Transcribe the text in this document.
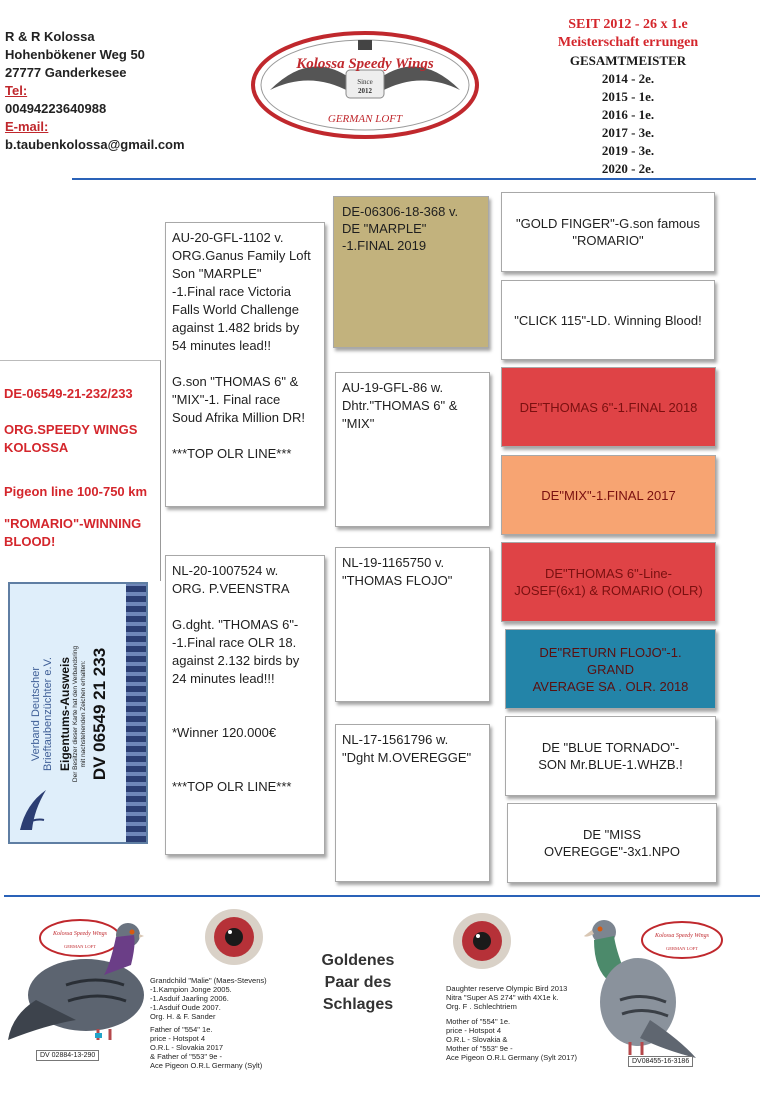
R & R Kolossa
Hohenbökener Weg 50
27777 Ganderkesee
Tel:
00494223640988
E-mail:
b.taubenkolossa@gmail.com
Kolossa Speedy Wings
Since
2012
GERMAN LOFT
SEIT 2012 - 26 x 1.e
Meisterschaft errungen
GESAMTMEISTER
2014 - 2e.
2015 - 1e.
2016 - 1e.
2017 - 3e.
2019 - 3e.
2020 - 2e.
DE-06549-21-232/233
ORG.SPEEDY WINGS
KOLOSSA
Pigeon line 100-750 km
"ROMARIO"-WINNING
BLOOD!
Verband Deutscher Brieftaubenzüchter e.V. Eigentums-Ausweis
Der Besitzer dieser Karte hat den Verbandsring
mit nachstehenden Zeichen erhalten: DV 06549 21 233
AU-20-GFL-1102 v.
ORG.Ganus Family Loft
Son "MARPLE"
-1.Final race Victoria
Falls World Challenge
against 1.482 brids by
54 minutes lead!!

G.son "THOMAS 6" &
"MIX"-1. Final race
Soud Afrika Million DR!

***TOP OLR LINE***
NL-20-1007524 w.
ORG. P.VEENSTRA

G.dght. "THOMAS 6"-
-1.Final race OLR 18.
against 2.132 birds by
24 minutes lead!!!

*Winner 120.000€

***TOP OLR LINE***
DE-06306-18-368 v.
DE "MARPLE"
-1.FINAL 2019
AU-19-GFL-86 w.
Dhtr."THOMAS 6" &
"MIX"
NL-19-1165750 v.
"THOMAS FLOJO"
NL-17-1561796 w.
"Dght M.OVEREGGE"
"GOLD FINGER"-G.son famous
"ROMARIO"
"CLICK 115"-LD. Winning Blood!
DE"THOMAS 6"-1.FINAL 2018
DE"MIX"-1.FINAL 2017
DE"THOMAS 6"-Line-
JOSEF(6x1) & ROMARIO (OLR)
DE"RETURN FLOJO"-1. GRAND
AVERAGE SA . OLR. 2018
DE "BLUE TORNADO"-
SON Mr.BLUE-1.WHZB.!
DE "MISS OVEREGGE"-3x1.NPO
Kolossa Speedy Wings
GERMAN LOFT
Grandchild "Malie" (Maes-Stevens)
-1.Kampion Jonge 2005.
-1.Asduif Jaarling 2006.
-1.Asduif Oude 2007.
Org. H. & F. Sander
Father of "554" 1e.
price - Hotspot 4
O.R.L - Slovakia 2017
& Father of "553" 9e -
Ace Pigeon O.R.L Germany (Sylt)
DV 02884-13-290
Goldenes
Paar des
Schlages
Daughter reserve Olympic Bird 2013
Nitra "Super AS 274" with 4X1e k.
Org. F . Schlechtriem
Mother of "554" 1e.
price - Hotspot 4
O.R.L - Slovakia &
Mother of "553" 9e -
Ace Pigeon O.R.L Germany (Sylt 2017)
Kolossa Speedy Wings
GERMAN LOFT
DV08455-16-3186
